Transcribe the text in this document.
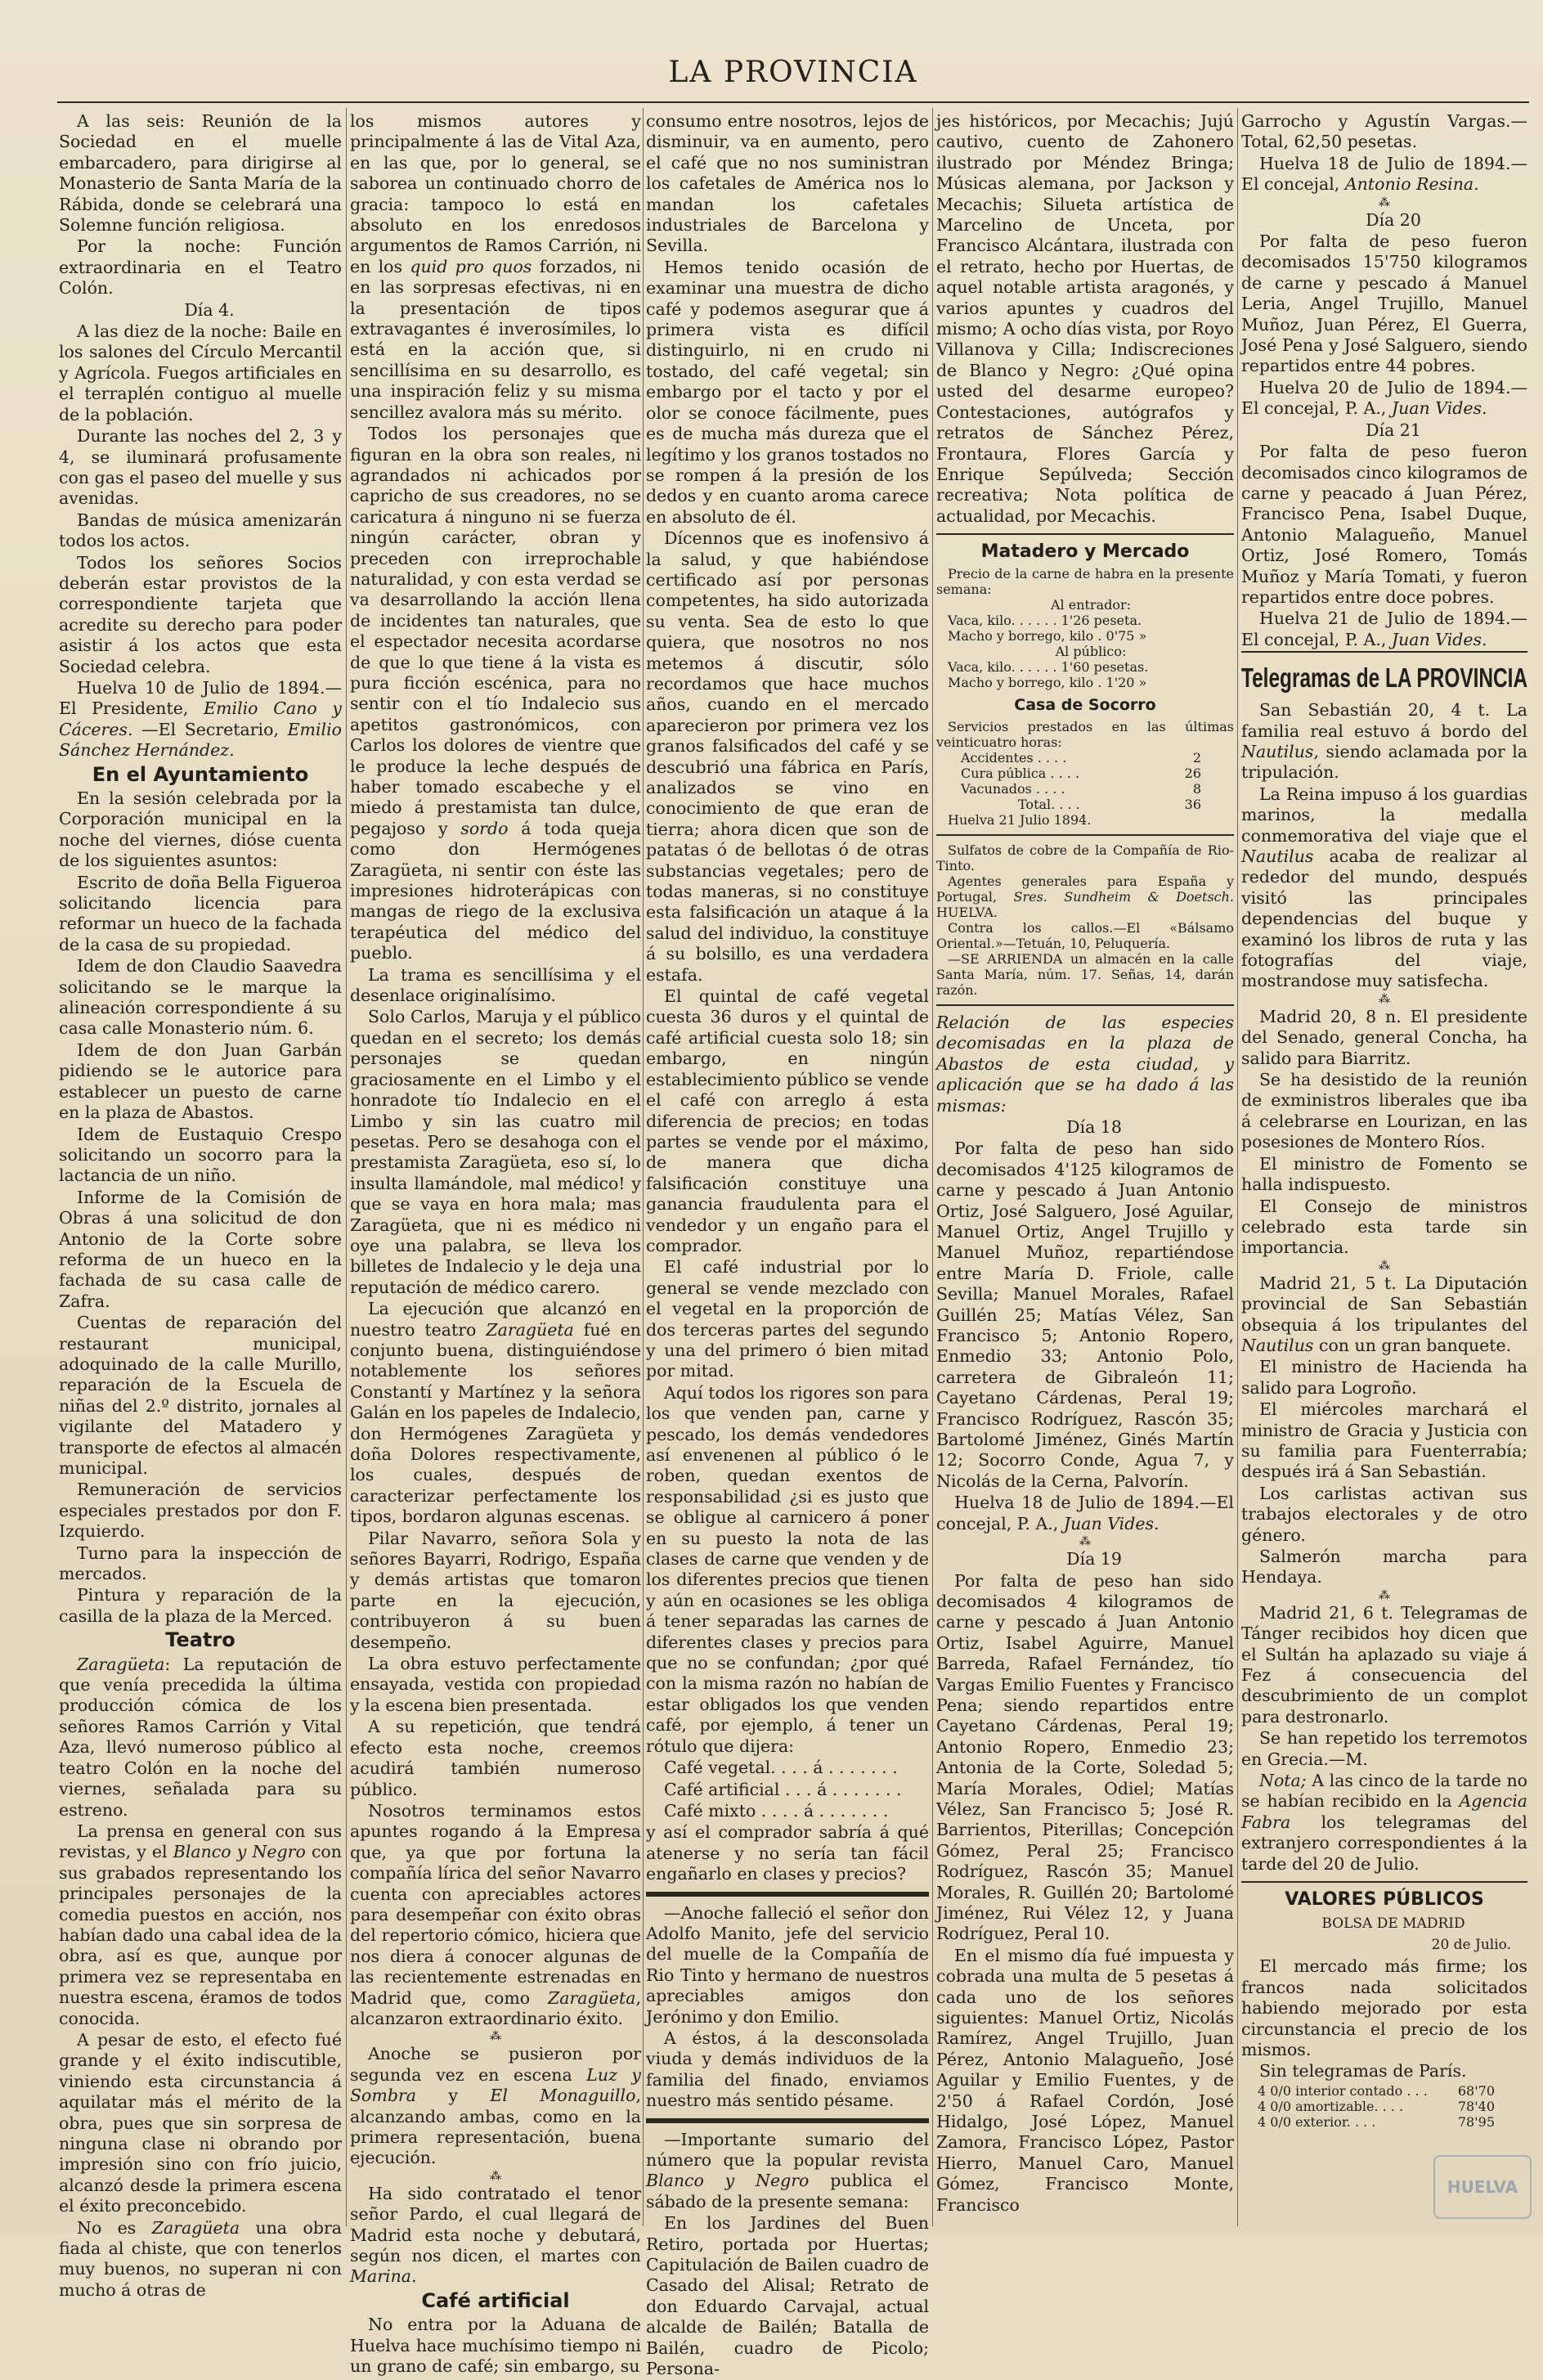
LA PROVINCIA

A las seis: Reunión de la Sociedad en el muelle embarcadero, para dirigirse al Monasterio de Santa María de la Rábida, donde se celebrará una Solemne función religiosa.

Por la noche: Función extraordinaria en el Teatro Colón.

Día 4.

A las diez de la noche: Baile en los salones del Círculo Mercantil y Agrícola. Fuegos artificiales en el terraplén contiguo al muelle de la población.

Durante las noches del 2, 3 y 4, se iluminará profusamente con gas el paseo del muelle y sus avenidas.

Bandas de música amenizarán todos los actos.

Todos los señores Socios deberán estar provistos de la correspondiente tarjeta que acredite su derecho para poder asistir á los actos que esta Sociedad celebra.

Huelva 10 de Julio de 1894.—El Presidente, Emilio Cano y Cáceres. —El Secretario, Emilio Sánchez Hernández.

En el Ayuntamiento

En la sesión celebrada por la Corporación municipal en la noche del viernes, dióse cuenta de los siguientes asuntos:

Escrito de doña Bella Figueroa solicitando licencia para reformar un hueco de la fachada de la casa de su propiedad.

Idem de don Claudio Saavedra solicitando se le marque la alineación correspondiente á su casa calle Monasterio núm. 6.

Idem de don Juan Garbán pidiendo se le autorice para establecer un puesto de carne en la plaza de Abastos.

Idem de Eustaquio Crespo solicitando un socorro para la lactancia de un niño.

Informe de la Comisión de Obras á una solicitud de don Antonio de la Corte sobre reforma de un hueco en la fachada de su casa calle de Zafra.

Cuentas de reparación del restaurant municipal, adoquinado de la calle Murillo, reparación de la Escuela de niñas del 2.º distrito, jornales al vigilante del Matadero y transporte de efectos al almacén municipal.

Remuneración de servicios especiales prestados por don F. Izquierdo.

Turno para la inspección de mercados.

Pintura y reparación de la casilla de la plaza de la Merced.

Teatro

Zaragüeta: La reputación de que venía precedida la última producción cómica de los señores Ramos Carrión y Vital Aza, llevó numeroso público al teatro Colón en la noche del viernes, señalada para su estreno.

La prensa en general con sus revistas, y el Blanco y Negro con sus grabados representando los principales personajes de la comedia puestos en acción, nos habían dado una cabal idea de la obra, así es que, aunque por primera vez se representaba en nuestra escena, éramos de todos conocida.

A pesar de esto, el efecto fué grande y el éxito indiscutible, viniendo esta circunstancia á aquilatar más el mérito de la obra, pues que sin sorpresa de ninguna clase ni obrando por impresión sino con frío juicio, alcanzó desde la primera escena el éxito preconcebido.

No es Zaragüeta una obra fiada al chiste, que con tenerlos muy buenos, no superan ni con mucho á otras de

los mismos autores y principalmente á las de Vital Aza, en las que, por lo general, se saborea un continuado chorro de gracia: tampoco lo está en absoluto en los enredosos argumentos de Ramos Carrión, ni en los quid pro quos forzados, ni en las sorpresas efectivas, ni en la presentación de tipos extravagantes é inverosímiles, lo está en la acción que, si sencillísima en su desarrollo, es una inspiración feliz y su misma sencillez avalora más su mérito.

Todos los personajes que figuran en la obra son reales, ni agrandados ni achicados por capricho de sus creadores, no se caricatura á ninguno ni se fuerza ningún carácter, obran y preceden con irreprochable naturalidad, y con esta verdad se va desarrollando la acción llena de incidentes tan naturales, que el espectador necesita acordarse de que lo que tiene á la vista es pura ficción escénica, para no sentir con el tío Indalecio sus apetitos gastronómicos, con Carlos los dolores de vientre que le produce la leche después de haber tomado escabeche y el miedo á prestamista tan dulce, pegajoso y sordo á toda queja como don Hermógenes Zaragüeta, ni sentir con éste las impresiones hidroterápicas con mangas de riego de la exclusiva terapéutica del médico del pueblo.

La trama es sencillísima y el desenlace originalísimo.

Solo Carlos, Maruja y el público quedan en el secreto; los demás personajes se quedan graciosamente en el Limbo y el honradote tío Indalecio en el Limbo y sin las cuatro mil pesetas. Pero se desahoga con el prestamista Zaragüeta, eso sí, lo insulta llamándole, mal médico! y que se vaya en hora mala; mas Zaragüeta, que ni es médico ni oye una palabra, se lleva los billetes de Indalecio y le deja una reputación de médico carero.

La ejecución que alcanzó en nuestro teatro Zaragüeta fué en conjunto buena, distinguiéndose notablemente los señores Constantí y Martínez y la señora Galán en los papeles de Indalecio, don Hermógenes Zaragüeta y doña Dolores respectivamente, los cuales, después de caracterizar perfectamente los tipos, bordaron algunas escenas.

Pilar Navarro, señora Sola y señores Bayarri, Rodrigo, España y demás artistas que tomaron parte en la ejecución, contribuyeron á su buen desempeño.

La obra estuvo perfectamente ensayada, vestida con propiedad y la escena bien presentada.

A su repetición, que tendrá efecto esta noche, creemos acudirá también numeroso público.

Nosotros terminamos estos apuntes rogando á la Empresa que, ya que por fortuna la compañía lírica del señor Navarro cuenta con apreciables actores para desempeñar con éxito obras del repertorio cómico, hiciera que nos diera á conocer algunas de las recientemente estrenadas en Madrid que, como Zaragüeta, alcanzaron extraordinario éxito.

⁂

Anoche se pusieron por segunda vez en escena Luz y Sombra y El Monaguillo, alcanzando ambas, como en la primera representación, buena ejecución.

⁂

Ha sido contratado el tenor señor Pardo, el cual llegará de Madrid esta noche y debutará, según nos dicen, el martes con Marina.

Café artificial

No entra por la Aduana de Huelva hace muchísimo tiempo ni un grano de café; sin embargo, su

consumo entre nosotros, lejos de disminuir, va en aumento, pero el café que no nos suministran los cafetales de América nos lo mandan los cafetales industriales de Barcelona y Sevilla.

Hemos tenido ocasión de examinar una muestra de dicho café y podemos asegurar que á primera vista es difícil distinguirlo, ni en crudo ni tostado, del café vegetal; sin embargo por el tacto y por el olor se conoce fácilmente, pues es de mucha más dureza que el legítimo y los granos tostados no se rompen á la presión de los dedos y en cuanto aroma carece en absoluto de él.

Dícennos que es inofensivo á la salud, y que habiéndose certificado así por personas competentes, ha sido autorizada su venta. Sea de esto lo que quiera, que nosotros no nos metemos á discutir, sólo recordamos que hace muchos años, cuando en el mercado aparecieron por primera vez los granos falsificados del café y se descubrió una fábrica en París, analizados se vino en conocimiento de que eran de tierra; ahora dicen que son de patatas ó de bellotas ó de otras substancias vegetales; pero de todas maneras, si no constituye esta falsificación un ataque á la salud del individuo, la constituye á su bolsillo, es una verdadera estafa.

El quintal de café vegetal cuesta 36 duros y el quintal de café artificial cuesta solo 18; sin embargo, en ningún establecimiento público se vende el café con arreglo á esta diferencia de precios; en todas partes se vende por el máximo, de manera que dicha falsificación constituye una ganancia fraudulenta para el vendedor y un engaño para el comprador.

El café industrial por lo general se vende mezclado con el vegetal en la proporción de dos terceras partes del segundo y una del primero ó bien mitad por mitad.

Aquí todos los rigores son para los que venden pan, carne y pescado, los demás vendedores así envenenen al público ó le roben, quedan exentos de responsabilidad ¿si es justo que se obligue al carnicero á poner en su puesto la nota de las clases de carne que venden y de los diferentes precios que tienen y aún en ocasiones se les obliga á tener separadas las carnes de diferentes clases y precios para que no se confundan; ¿por qué con la misma razón no habían de estar obligados los que venden café, por ejemplo, á tener un rótulo que dijera:

Café vegetal. . . . á . . . . . . .

Café artificial . . . á . . . . . . .

Café mixto . . . . á . . . . . . .

y así el comprador sabría á qué atenerse y no sería tan fácil engañarlo en clases y precios?

—Anoche falleció el señor don Adolfo Manito, jefe del servicio del muelle de la Compañía de Rio Tinto y hermano de nuestros apreciables amigos don Jerónimo y don Emilio.

A éstos, á la desconsolada viuda y demás individuos de la familia del finado, enviamos nuestro más sentido pésame.

—Importante sumario del número que la popular revista Blanco y Negro publica el sábado de la presente semana:

En los Jardines del Buen Retiro, portada por Huertas; Capitulación de Bailen cuadro de Casado del Alisal; Retrato de don Eduardo Carvajal, actual alcalde de Bailén; Batalla de Bailén, cuadro de Picolo; Persona-

jes históricos, por Mecachis; Jujú cautivo, cuento de Zahonero ilustrado por Méndez Bringa; Músicas alemana, por Jackson y Mecachis; Silueta artística de Marcelino de Unceta, por Francisco Alcántara, ilustrada con el retrato, hecho por Huertas, de aquel notable artista aragonés, y varios apuntes y cuadros del mismo; A ocho días vista, por Royo Villanova y Cilla; Indiscreciones de Blanco y Negro: ¿Qué opina usted del desarme europeo? Contestaciones, autógrafos y retratos de Sánchez Pérez, Frontaura, Flores García y Enrique Sepúlveda; Sección recreativa; Nota política de actualidad, por Mecachis.

Matadero y Mercado

Precio de la carne de habra en la presente semana:

Al entrador:

Vaca, kilo. . . . . . 1'26 peseta.

Macho y borrego, kilo . 0'75 »

Al público:

Vaca, kilo. . . . . . 1'60 pesetas.

Macho y borrego, kilo . 1'20 »

Casa de Socorro

Servicios prestados en las últimas veinticuatro horas:

Accidentes . . . .	2
Cura pública . . . .	26
Vacunados . . . .	8
Total. . . .	36

Huelva 21 Julio 1894.

Sulfatos de cobre de la Compañía de Rio-Tinto.

Agentes generales para España y Portugal, Sres. Sundheim & Doetsch. HUELVA.

Contra los callos.—El «Bálsamo Oriental.»—Tetuán, 10, Peluquería.

—SE ARRIENDA un almacén en la calle Santa María, núm. 17. Señas, 14, darán razón.

Relación de las especies decomisadas en la plaza de Abastos de esta ciudad, y aplicación que se ha dado á las mismas:

Día 18

Por falta de peso han sido decomisados 4'125 kilogramos de carne y pescado á Juan Antonio Ortiz, José Salguero, José Aguilar, Manuel Ortiz, Angel Trujillo y Manuel Muñoz, repartiéndose entre María D. Friole, calle Sevilla; Manuel Morales, Rafael Guillén 25; Matías Vélez, San Francisco 5; Antonio Ropero, Enmedio 33; Antonio Polo, carretera de Gibraleón 11; Cayetano Cárdenas, Peral 19; Francisco Rodríguez, Rascón 35; Bartolomé Jiménez, Ginés Martín 12; Socorro Conde, Agua 7, y Nicolás de la Cerna, Palvorín.

Huelva 18 de Julio de 1894.—El concejal, P. A., Juan Vides.

⁂

Día 19

Por falta de peso han sido decomisados 4 kilogramos de carne y pescado á Juan Antonio Ortiz, Isabel Aguirre, Manuel Barreda, Rafael Fernández, tío Vargas Emilio Fuentes y Francisco Pena; siendo repartidos entre Cayetano Cárdenas, Peral 19; Antonio Ropero, Enmedio 23; Antonia de la Corte, Soledad 5; María Morales, Odiel; Matías Vélez, San Francisco 5; José R. Barrientos, Piterillas; Concepción Gómez, Peral 25; Francisco Rodríguez, Rascón 35; Manuel Morales, R. Guillén 20; Bartolomé Jiménez, Rui Vélez 12, y Juana Rodríguez, Peral 10.

En el mismo día fué impuesta y cobrada una multa de 5 pesetas á cada uno de los señores siguientes: Manuel Ortiz, Nicolás Ramírez, Angel Trujillo, Juan Pérez, Antonio Malagueño, José Aguilar y Emilio Fuentes, y de 2'50 á Rafael Cordón, José Hidalgo, José López, Manuel Zamora, Francisco López, Pastor Hierro, Manuel Caro, Manuel Gómez, Francisco Monte, Francisco

Garrocho y Agustín Vargas.—Total, 62,50 pesetas.

Huelva 18 de Julio de 1894.—El concejal, Antonio Resina.

⁂

Día 20

Por falta de peso fueron decomisados 15'750 kilogramos de carne y pescado á Manuel Leria, Angel Trujillo, Manuel Muñoz, Juan Pérez, El Guerra, José Pena y José Salguero, siendo repartidos entre 44 pobres.

Huelva 20 de Julio de 1894.—El concejal, P. A., Juan Vides.

Día 21

Por falta de peso fueron decomisados cinco kilogramos de carne y peacado á Juan Pérez, Francisco Pena, Isabel Duque, Antonio Malagueño, Manuel Ortiz, José Romero, Tomás Muñoz y María Tomati, y fueron repartidos entre doce pobres.

Huelva 21 de Julio de 1894.—El concejal, P. A., Juan Vides.

Telegramas de LA PROVINCIA

San Sebastián 20, 4 t. La familia real estuvo á bordo del Nautilus, siendo aclamada por la tripulación.

La Reina impuso á los guardias marinos, la medalla conmemorativa del viaje que el Nautilus acaba de realizar al rededor del mundo, después visitó las principales dependencias del buque y examinó los libros de ruta y las fotografías del viaje, mostrandose muy satisfecha.

⁂

Madrid 20, 8 n. El presidente del Senado, general Concha, ha salido para Biarritz.

Se ha desistido de la reunión de exministros liberales que iba á celebrarse en Lourizan, en las posesiones de Montero Ríos.

El ministro de Fomento se halla indispuesto.

El Consejo de ministros celebrado esta tarde sin importancia.

⁂

Madrid 21, 5 t. La Diputación provincial de San Sebastián obsequia á los tripulantes del Nautilus con un gran banquete.

El ministro de Hacienda ha salido para Logroño.

El miércoles marchará el ministro de Gracia y Justicia con su familia para Fuenterrabía; después irá á San Sebastián.

Los carlistas activan sus trabajos electorales y de otro género.

Salmerón marcha para Hendaya.

⁂

Madrid 21, 6 t. Telegramas de Tánger recibidos hoy dicen que el Sultán ha aplazado su viaje á Fez á consecuencia del descubrimiento de un complot para destronarlo.

Se han repetido los terremotos en Grecia.—M.

Nota; A las cinco de la tarde no se habían recibido en la Agencia Fabra los telegramas del extranjero correspondientes á la tarde del 20 de Julio.

VALORES PÚBLICOS

BOLSA DE MADRID

20 de Julio.

El mercado más firme; los francos nada solicitados habiendo mejorado por esta circunstancia el precio de los mismos.

Sin telegramas de París.

4 0/0 interior contado . . .	68'70
4 0/0 amortizable. . . .	78'40
4 0/0 exterior. . . .	78'95
HUELVA
